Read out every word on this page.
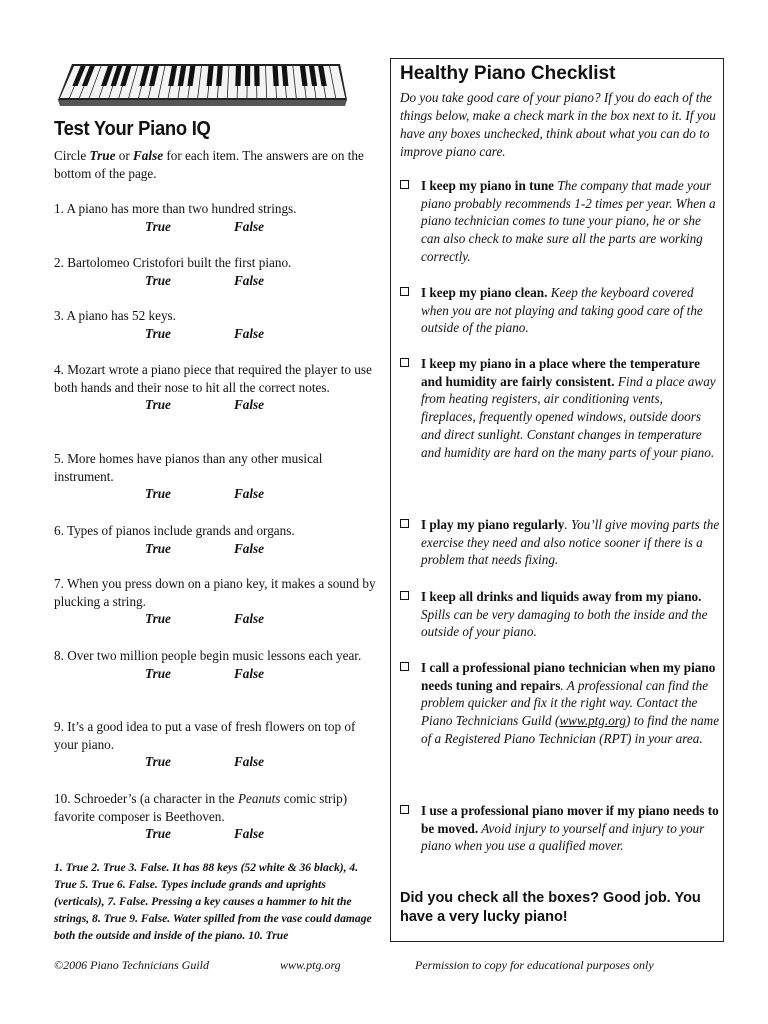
Test Your Piano IQ

Circle True or False for each item. The answers are on the bottom of the page.

1. A piano has more than two hundred strings.
True	False
2. Bartolomeo Cristofori built the first piano.
True	False
3. A piano has 52 keys.
True	False
4. Mozart wrote a piano piece that required the player to use both hands and their nose to hit all the correct notes.
True	False
5. More homes have pianos than any other musical instrument.
True	False
6. Types of pianos include grands and organs.
True	False
7. When you press down on a piano key, it makes a sound by plucking a string.
True	False
8. Over two million people begin music lessons each year.
True	False
9. It’s a good idea to put a vase of fresh flowers on top of your piano.
True	False
10. Schroeder’s (a character in the Peanuts comic strip) favorite composer is Beethoven.
True	False
1. True 2. True 3. False. It has 88 keys (52 white & 36 black), 4. True 5. True 6. False. Types include grands and uprights (verticals), 7. False. Pressing a key causes a hammer to hit the strings, 8. True 9. False. Water spilled from the vase could damage both the outside and inside of the piano. 10. True
Healthy Piano Checklist
Do you take good care of your piano? If you do each of the things below, make a check mark in the box next to it. If you have any boxes unchecked, think about what you can do to improve piano care.
I keep my piano in tune The company that made your piano probably recommends 1-2 times per year. When a piano technician comes to tune your piano, he or she can also check to make sure all the parts are working correctly.
I keep my piano clean. Keep the keyboard covered when you are not playing and taking good care of the outside of the piano.
I keep my piano in a place where the temperature and humidity are fairly consistent. Find a place away from heating registers, air conditioning vents, fireplaces, frequently opened windows, outside doors and direct sunlight. Constant changes in temperature and humidity are hard on the many parts of your piano.
I play my piano regularly. You’ll give moving parts the exercise they need and also notice sooner if there is a problem that needs fixing.
I keep all drinks and liquids away from my piano. Spills can be very damaging to both the inside and the outside of your piano.
I call a professional piano technician when my piano needs tuning and repairs. A professional can find the problem quicker and fix it the right way. Contact the Piano Technicians Guild (www.ptg.org) to find the name of a Registered Piano Technician (RPT) in your area.
I use a professional piano mover if my piano needs to be moved. Avoid injury to yourself and injury to your piano when you use a qualified mover.
Did you check all the boxes? Good job. You have a very lucky piano!
©2006 Piano Technicians Guild	www.ptg.org	Permission to copy for educational purposes only
